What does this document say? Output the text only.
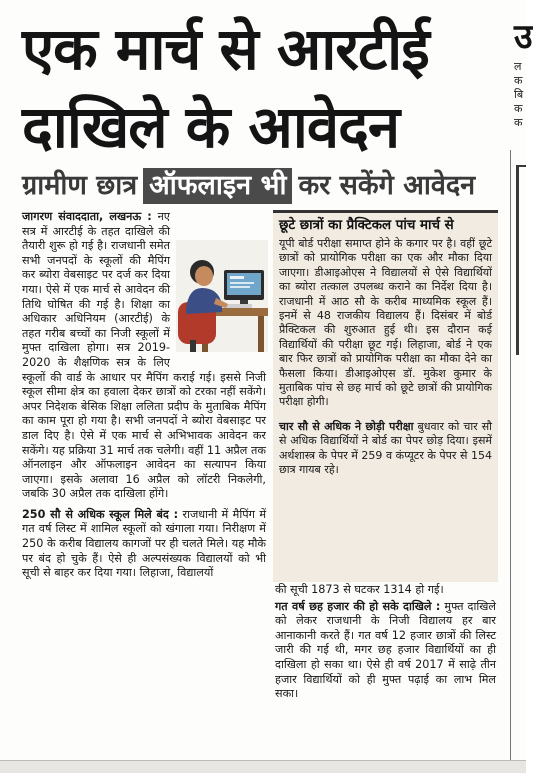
एक मार्च से आरटीई
दाखिले के आवेदन
ग्रामीण छात्र ऑफलाइन भी कर सकेंगे आवेदन
उ
ल
क
बि
क
क

जागरण संवाददाता, लखनऊ : नए सत्र में आरटीई के तहत दाखिले की तैयारी शुरू हो गई है। राजधानी समेत सभी जनपदों के स्कूलों की मैपिंग कर ब्योरा वेबसाइट पर दर्ज कर दिया गया। ऐसे में एक मार्च से आवेदन की तिथि घोषित की गई है। शिक्षा का अधिकार अधिनियम (आरटीई) के तहत गरीब बच्चों का निजी स्कूलों में मुफ्त दाखिला होगा। सत्र 2019-2020 के शैक्षणिक सत्र के लिए स्कूलों की वार्ड के आधार पर मैपिंग कराई गई। इससे निजी स्कूल सीमा क्षेत्र का हवाला देकर छात्रों को टरका नहीं सकेंगे। अपर निदेशक बेसिक शिक्षा ललिता प्रदीप के मुताबिक मैपिंग का काम पूरा हो गया है। सभी जनपदों ने ब्योरा वेबसाइट पर डाल दिए है। ऐसे में एक मार्च से अभिभावक आवेदन कर सकेंगे। यह प्रक्रिया 31 मार्च तक चलेगी। वहीं 11 अप्रैल तक ऑनलाइन और ऑफलाइन आवेदन का सत्यापन किया जाएगा। इसके अलावा 16 अप्रैल को लॉटरी निकलेगी, जबकि 30 अप्रैल तक दाखिला होंगे।

250 सौ से अधिक स्कूल मिले बंद : राजधानी में मैपिंग में गत वर्ष लिस्ट में शामिल स्कूलों को खंगाला गया। निरीक्षण में 250 के करीब विद्यालय कागजों पर ही चलते मिले। यह मौके पर बंद हो चुके हैं। ऐसे ही अल्पसंख्यक विद्यालयों को भी सूची से बाहर कर दिया गया। लिहाजा, विद्यालयों

छूटे छात्रों का प्रैक्टिकल पांच मार्च से

यूपी बोर्ड परीक्षा समाप्त होने के कगार पर है। वहीं छूटे छात्रों को प्रायोगिक परीक्षा का एक और मौका दिया जाएगा। डीआइओएस ने विद्यालयों से ऐसे विद्यार्थियों का ब्योरा तत्काल उपलब्ध कराने का निर्देश दिया है। राजधानी में आठ सौ के करीब माध्यमिक स्कूल हैं। इनमें से 48 राजकीय विद्यालय हैं। दिसंबर में बोर्ड प्रैक्टिकल की शुरुआत हुई थी। इस दौरान कई विद्यार्थियों की परीक्षा छूट गई। लिहाजा, बोर्ड ने एक बार फिर छात्रों को प्रायोगिक परीक्षा का मौका देने का फैसला किया। डीआइओएस डॉ. मुकेश कुमार के मुताबिक पांच से छह मार्च को छूटे छात्रों की प्रायोगिक परीक्षा होगी।

चार सौ से अधिक ने छोड़ी परीक्षा बुधवार को चार सौ से अधिक विद्यार्थियों ने बोर्ड का पेपर छोड़ दिया। इसमें अर्थशास्त्र के पेपर में 259 व कंप्यूटर के पेपर से 154 छात्र गायब रहे।

की सूची 1873 से घटकर 1314 हो गई।

गत वर्ष छह हजार की हो सके दाखिले : मुफ्त दाखिले को लेकर राजधानी के निजी विद्यालय हर बार आनाकानी करते हैं। गत वर्ष 12 हजार छात्रों की लिस्ट जारी की गई थी, मगर छह हजार विद्यार्थियों का ही दाखिला हो सका था। ऐसे ही वर्ष 2017 में साढ़े तीन हजार विद्यार्थियों को ही मुफ्त पढ़ाई का लाभ मिल सका।
